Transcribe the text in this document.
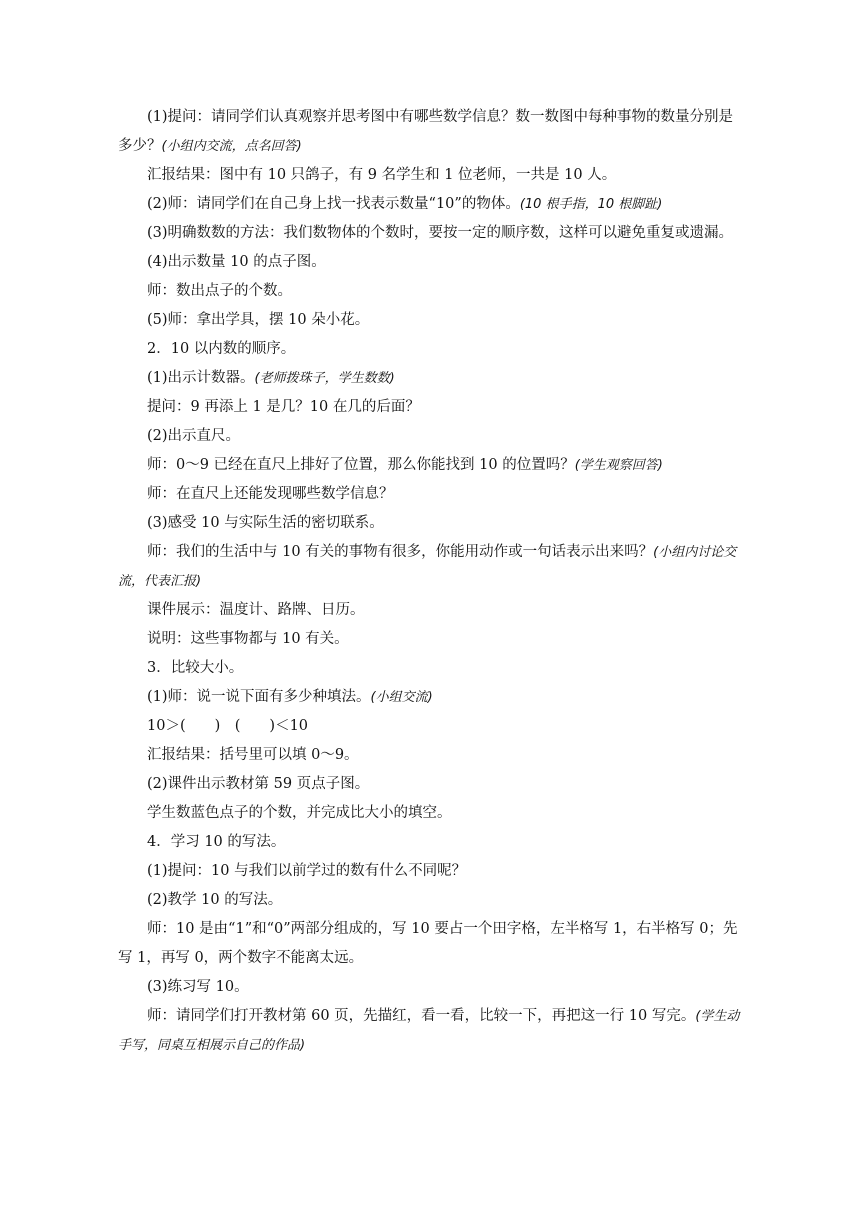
(1)提问：请同学们认真观察并思考图中有哪些数学信息？数一数图中每种事物的数量分别是多少？(小组内交流，点名回答)

汇报结果：图中有 10 只鸽子，有 9 名学生和 1 位老师，一共是 10 人。

(2)师：请同学们在自己身上找一找表示数量“10”的物体。(10 根手指，10 根脚趾)

(3)明确数数的方法：我们数物体的个数时，要按一定的顺序数，这样可以避免重复或遗漏。

(4)出示数量 10 的点子图。

师：数出点子的个数。

(5)师：拿出学具，摆 10 朵小花。

2．10 以内数的顺序。

(1)出示计数器。(老师拨珠子，学生数数)

提问：9 再添上 1 是几？10 在几的后面？

(2)出示直尺。

师：0～9 已经在直尺上排好了位置，那么你能找到 10 的位置吗？(学生观察回答)

师：在直尺上还能发现哪些数学信息？

(3)感受 10 与实际生活的密切联系。

师：我们的生活中与 10 有关的事物有很多，你能用动作或一句话表示出来吗？(小组内讨论交流，代表汇报)

课件展示：温度计、路牌、日历。

说明：这些事物都与 10 有关。

3．比较大小。

(1)师：说一说下面有多少种填法。(小组交流)

10＞(　　)　(　　)＜10

汇报结果：括号里可以填 0～9。

(2)课件出示教材第 59 页点子图。

学生数蓝色点子的个数，并完成比大小的填空。

4．学习 10 的写法。

(1)提问：10 与我们以前学过的数有什么不同呢？

(2)教学 10 的写法。

师：10 是由“1”和“0”两部分组成的，写 10 要占一个田字格，左半格写 1，右半格写 0；先写 1，再写 0，两个数字不能离太远。

(3)练习写 10。

师：请同学们打开教材第 60 页，先描红，看一看，比较一下，再把这一行 10 写完。(学生动手写，同桌互相展示自己的作品)
